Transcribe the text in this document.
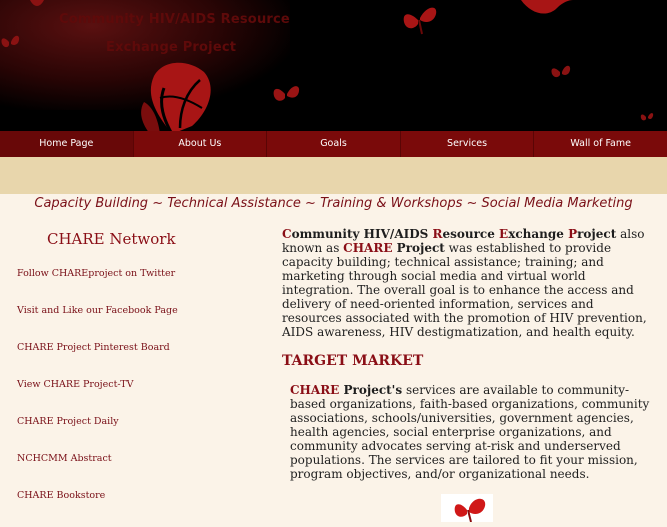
Community HIV/AIDS Resource
Exchange Project
Home Page	About Us	Goals	Services	Wall of Fame
Capacity Building ~ Technical Assistance ~ Training & Workshops ~ Social Media Marketing
CHARE Network
Follow CHAREproject on Twitter
Visit and Like our Facebook Page
CHARE Project Pinterest Board
View CHARE Project-TV
CHARE Project Daily
NCHCMM Abstract
CHARE Bookstore

Community HIV/AIDS Resource Exchange Project also known as CHARE Project was established to provide capacity building; technical assistance; training; and marketing through social media and virtual world integration. The overall goal is to enhance the access and delivery of need-oriented information, services and resources associated with the promotion of HIV prevention, AIDS awareness, HIV destigmatization, and health equity.

TARGET MARKET

CHARE Project's services are available to community-based organizations, faith-based organizations, community associations, schools/universities, government agencies, health agencies, social enterprise organizations, and community advocates serving at-risk and underserved populations. The services are tailored to fit your mission, program objectives, and/or organizational needs.
